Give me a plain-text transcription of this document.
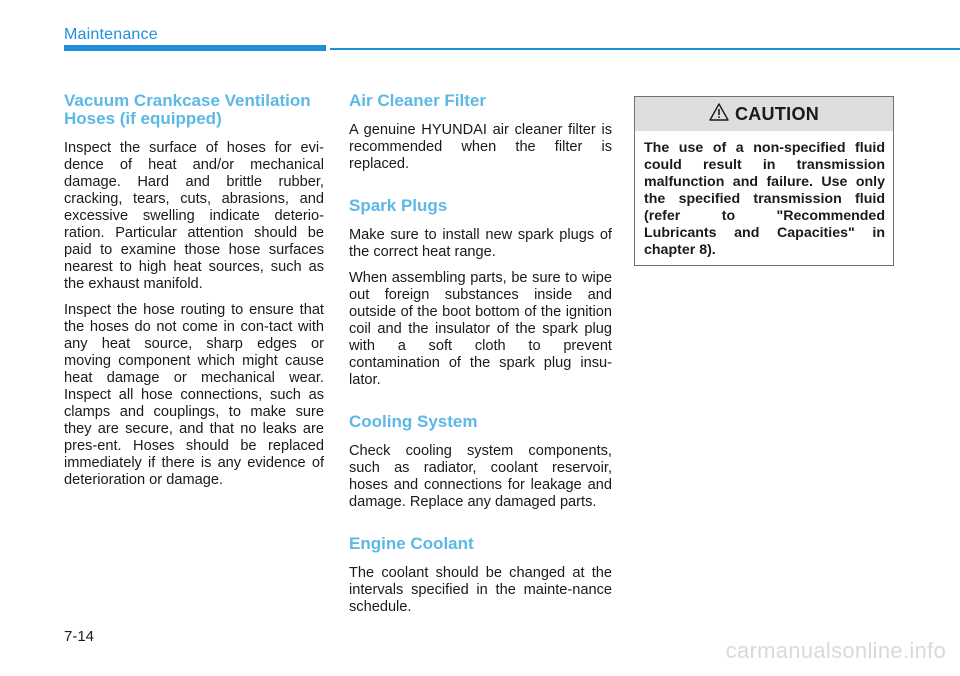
Maintenance
Vacuum Crankcase Ventilation Hoses (if equipped)

Inspect the surface of hoses for evi-dence of heat and/or mechanical damage. Hard and brittle rubber, cracking, tears, cuts, abrasions, and excessive swelling indicate deterio-ration. Particular attention should be paid to examine those hose surfaces nearest to high heat sources, such as the exhaust manifold.

Inspect the hose routing to ensure that the hoses do not come in con-tact with any heat source, sharp edges or moving component which might cause heat damage or mechanical wear. Inspect all hose connections, such as clamps and couplings, to make sure they are secure, and that no leaks are pres-ent. Hoses should be replaced immediately if there is any evidence of deterioration or damage.

Air Cleaner Filter

A genuine HYUNDAI air cleaner filter is recommended when the filter is replaced.

Spark Plugs

Make sure to install new spark plugs of the correct heat range.

When assembling parts, be sure to wipe out foreign substances inside and outside of the boot bottom of the ignition coil and the insulator of the spark plug with a soft cloth to prevent contamination of the spark plug insu-lator.

Cooling System

Check cooling system components, such as radiator, coolant reservoir, hoses and connections for leakage and damage. Replace any damaged parts.

Engine Coolant

The coolant should be changed at the intervals specified in the mainte-nance schedule.

CAUTION
The use of a non-specified fluid could result in transmission malfunction and failure. Use only the specified transmission fluid (refer to "Recommended Lubricants and Capacities" in chapter 8).
7-14
carmanualsonline.info
